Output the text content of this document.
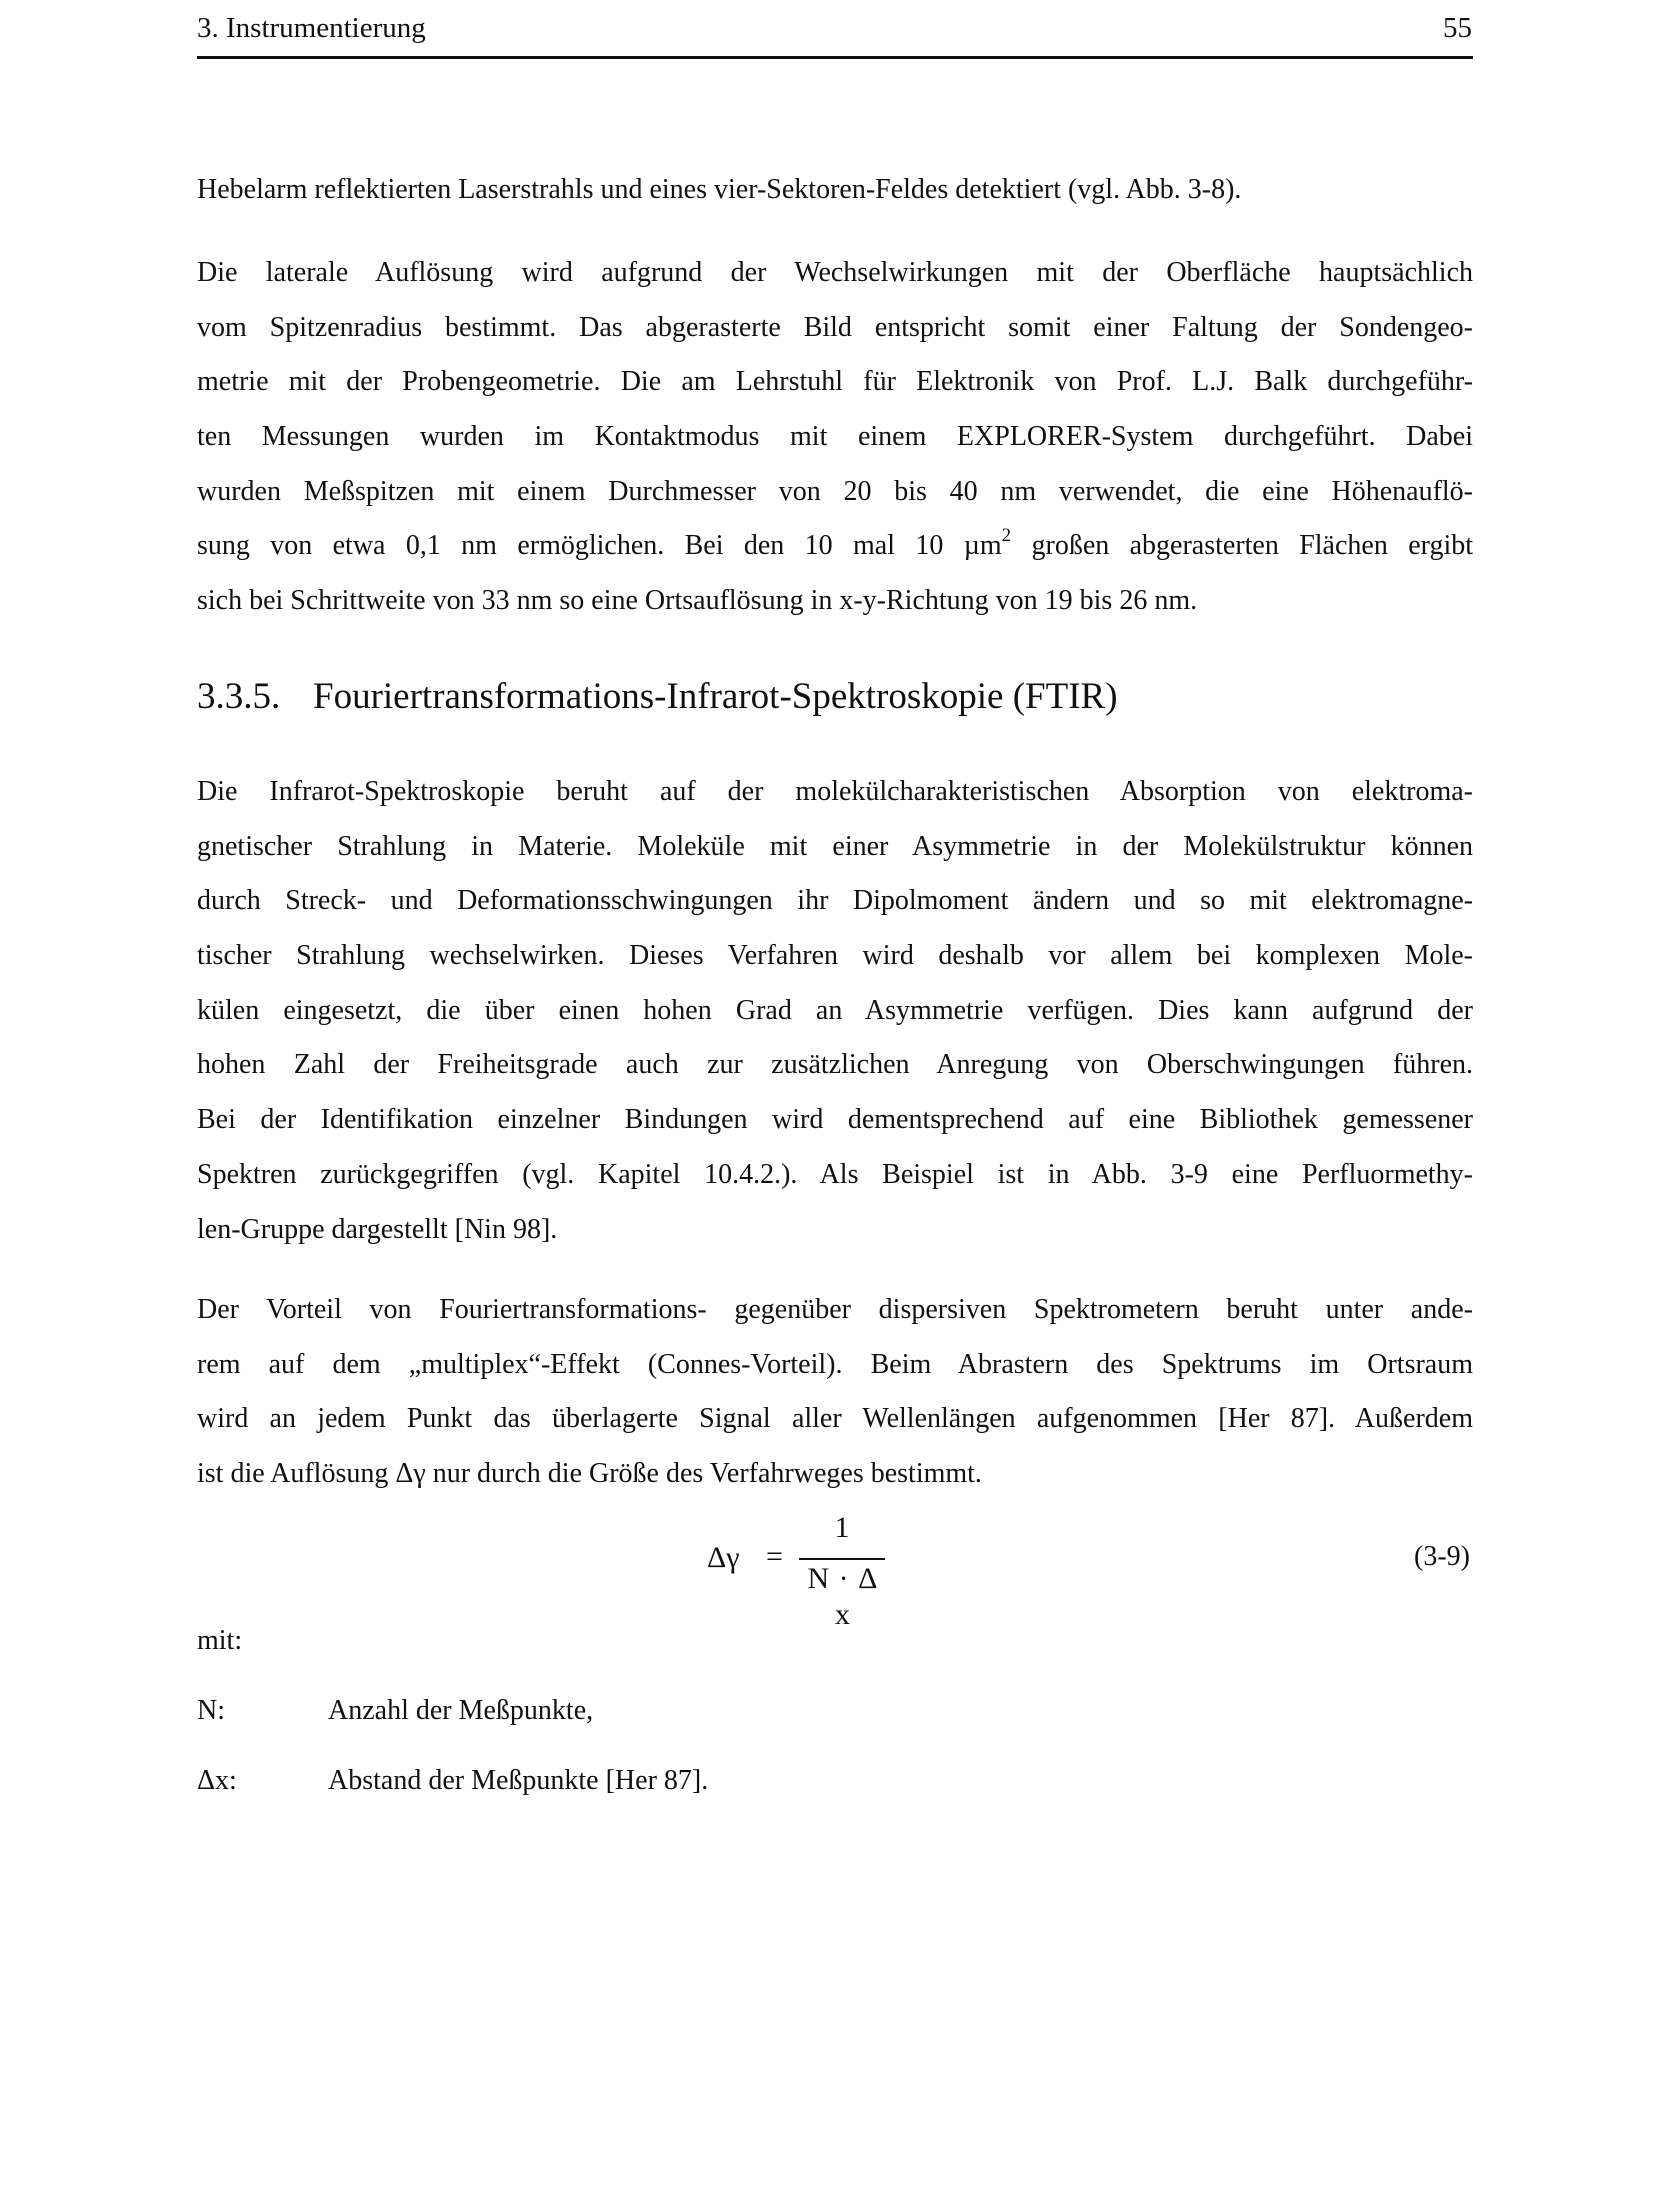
3. Instrumentierung	55
Hebelarm reflektierten Laserstrahls und eines vier-Sektoren-Feldes detektiert (vgl. Abb. 3-8).
Die laterale Auflösung wird aufgrund der Wechselwirkungen mit der Oberfläche hauptsächlich
vom Spitzenradius bestimmt. Das abgerasterte Bild entspricht somit einer Faltung der Sondengeo-
metrie mit der Probengeometrie. Die am Lehrstuhl für Elektronik von Prof. L.J. Balk durchgeführ-
ten Messungen wurden im Kontaktmodus mit einem EXPLORER-System durchgeführt. Dabei
wurden Meßspitzen mit einem Durchmesser von 20 bis 40 nm verwendet, die eine Höhenauflö-
sung von etwa 0,1 nm ermöglichen. Bei den 10 mal 10 µm$^2$ großen abgerasterten Flächen ergibt
sich bei Schrittweite von 33 nm so eine Ortsauflösung in x-y-Richtung von 19 bis 26 nm.
3.3.5. Fouriertransformations-Infrarot-Spektroskopie (FTIR)
Die Infrarot-Spektroskopie beruht auf der molekülcharakteristischen Absorption von elektroma-
gnetischer Strahlung in Materie. Moleküle mit einer Asymmetrie in der Molekülstruktur können
durch Streck- und Deformationsschwingungen ihr Dipolmoment ändern und so mit elektromagne-
tischer Strahlung wechselwirken. Dieses Verfahren wird deshalb vor allem bei komplexen Mole-
külen eingesetzt, die über einen hohen Grad an Asymmetrie verfügen. Dies kann aufgrund der
hohen Zahl der Freiheitsgrade auch zur zusätzlichen Anregung von Oberschwingungen führen.
Bei der Identifikation einzelner Bindungen wird dementsprechend auf eine Bibliothek gemessener
Spektren zurückgegriffen (vgl. Kapitel 10.4.2.). Als Beispiel ist in Abb. 3-9 eine Perfluormethy-
len-Gruppe dargestellt [Nin 98].
Der Vorteil von Fouriertransformations- gegenüber dispersiven Spektrometern beruht unter ande-
rem auf dem „multiplex“-Effekt (Connes-Vorteil). Beim Abrastern des Spektrums im Ortsraum
wird an jedem Punkt das überlagerte Signal aller Wellenlängen aufgenommen [Her 87]. Außerdem
ist die Auflösung Δγ nur durch die Größe des Verfahrweges bestimmt.
Δγ =
1
N · Δ x
(3-9)
mit:
N:	Anzahl der Meßpunkte,
Δx:	Abstand der Meßpunkte [Her 87].
